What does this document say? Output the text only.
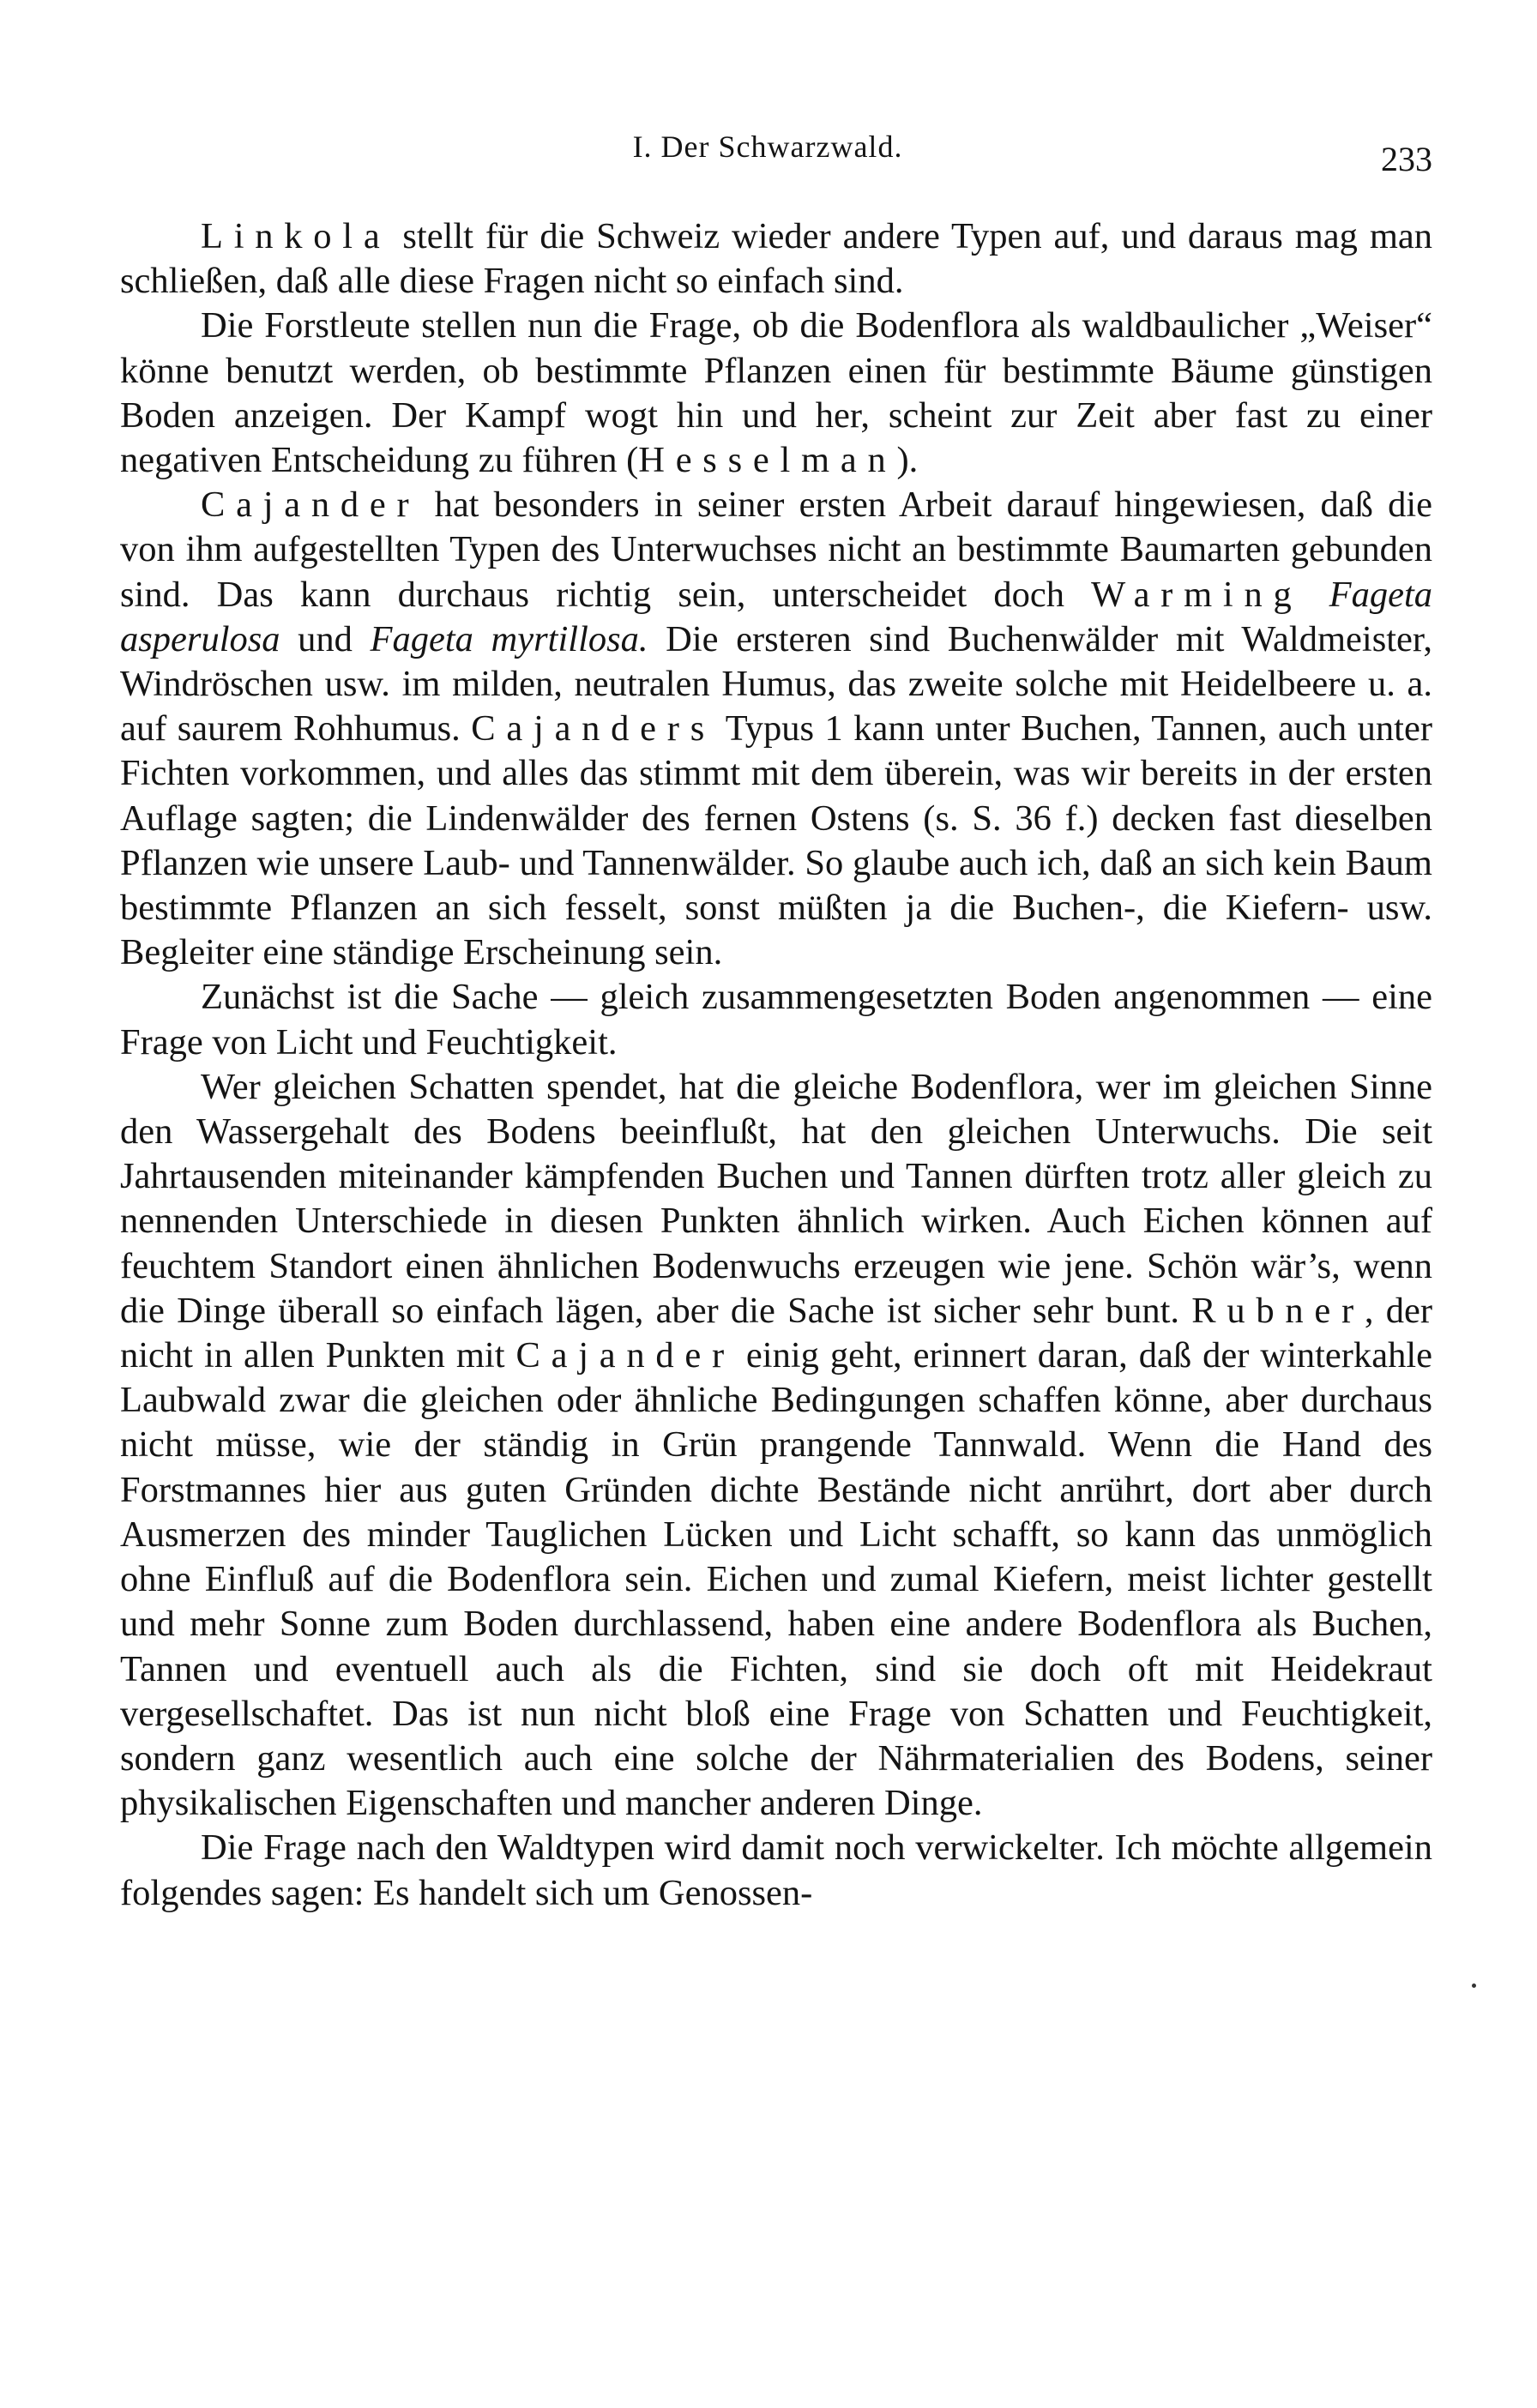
I. Der Schwarzwald.	233

Linkola stellt für die Schweiz wieder andere Typen auf, und daraus mag man schließen, daß alle diese Fragen nicht so einfach sind.

Die Forstleute stellen nun die Frage, ob die Bodenflora als waldbaulicher „Weiser“ könne benutzt werden, ob bestimmte Pflanzen einen für bestimmte Bäume günstigen Boden anzeigen. Der Kampf wogt hin und her, scheint zur Zeit aber fast zu einer negativen Entscheidung zu führen (Hesselman).

Cajander hat besonders in seiner ersten Arbeit darauf hingewiesen, daß die von ihm aufgestellten Typen des Unterwuchses nicht an bestimmte Baumarten gebunden sind. Das kann durchaus richtig sein, unterscheidet doch Warming Fageta asperulosa und Fageta myrtillosa. Die ersteren sind Buchenwälder mit Waldmeister, Windröschen usw. im milden, neutralen Humus, das zweite solche mit Heidelbeere u. a. auf saurem Rohhumus. Cajanders Typus 1 kann unter Buchen, Tannen, auch unter Fichten vorkommen, und alles das stimmt mit dem überein, was wir bereits in der ersten Auflage sagten; die Lindenwälder des fernen Ostens (s. S. 36 f.) decken fast dieselben Pflanzen wie unsere Laub- und Tannenwälder. So glaube auch ich, daß an sich kein Baum bestimmte Pflanzen an sich fesselt, sonst müßten ja die Buchen-, die Kiefern- usw. Begleiter eine ständige Erscheinung sein.

Zunächst ist die Sache — gleich zusammengesetzten Boden angenommen — eine Frage von Licht und Feuchtigkeit.

Wer gleichen Schatten spendet, hat die gleiche Bodenflora, wer im gleichen Sinne den Wassergehalt des Bodens beeinflußt, hat den gleichen Unterwuchs. Die seit Jahrtausenden miteinander kämpfenden Buchen und Tannen dürften trotz aller gleich zu nennenden Unterschiede in diesen Punkten ähnlich wirken. Auch Eichen können auf feuchtem Standort einen ähnlichen Bodenwuchs erzeugen wie jene. Schön wär’s, wenn die Dinge überall so einfach lägen, aber die Sache ist sicher sehr bunt. Rubner, der nicht in allen Punkten mit Cajander einig geht, erinnert daran, daß der winterkahle Laubwald zwar die gleichen oder ähnliche Bedingungen schaffen könne, aber durchaus nicht müsse, wie der ständig in Grün prangende Tannwald. Wenn die Hand des Forstmannes hier aus guten Gründen dichte Bestände nicht anrührt, dort aber durch Ausmerzen des minder Tauglichen Lücken und Licht schafft, so kann das unmöglich ohne Einfluß auf die Bodenflora sein. Eichen und zumal Kiefern, meist lichter gestellt und mehr Sonne zum Boden durchlassend, haben eine andere Bodenflora als Buchen, Tannen und eventuell auch als die Fichten, sind sie doch oft mit Heidekraut vergesellschaftet. Das ist nun nicht bloß eine Frage von Schatten und Feuchtigkeit, sondern ganz wesentlich auch eine solche der Nährmaterialien des Bodens, seiner physikalischen Eigenschaften und mancher anderen Dinge.

Die Frage nach den Waldtypen wird damit noch verwickelter. Ich möchte allgemein folgendes sagen: Es handelt sich um Genossen-
